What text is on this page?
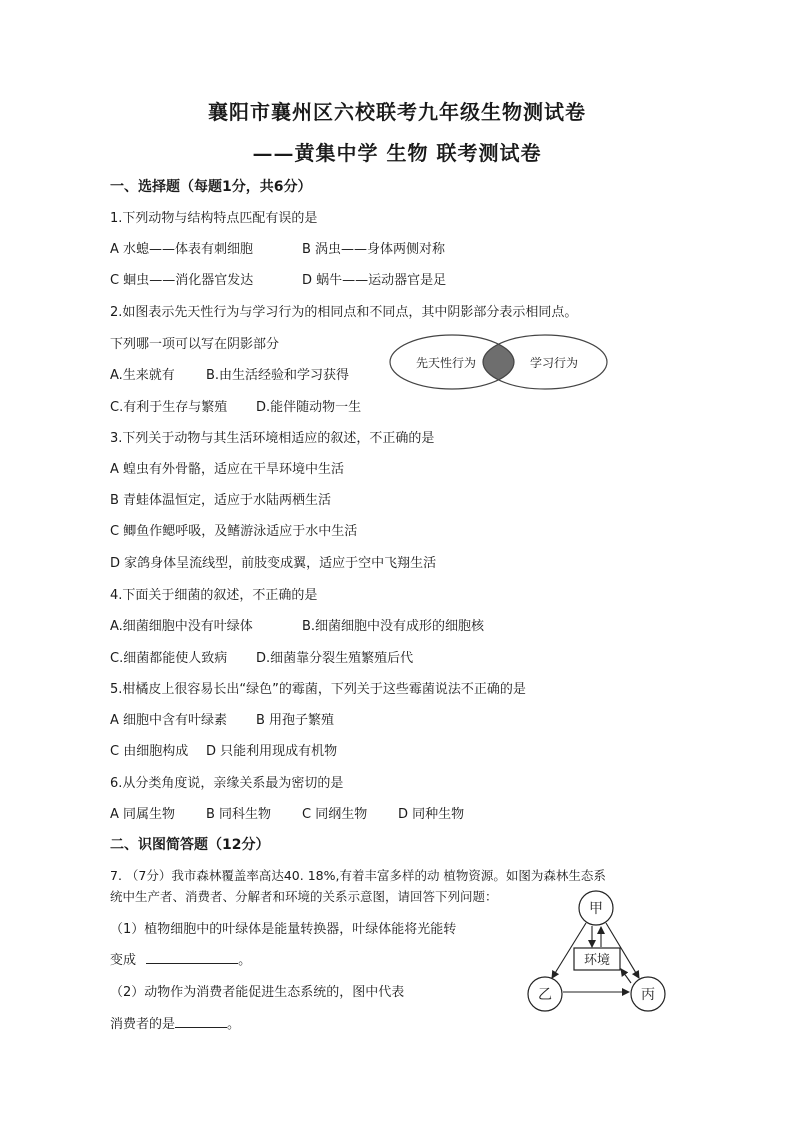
襄阳市襄州区六校联考九年级生物测试卷
——黄集中学 生物 联考测试卷
一、选择题（每题1分，共6分）
1.下列动物与结构特点匹配有误的是
A 水螅——体表有刺细胞	B 涡虫——身体两侧对称
C 蛔虫——消化器官发达	D 蜗牛——运动器官是足
2.如图表示先天性行为与学习行为的相同点和不同点，其中阴影部分表示相同点。
下列哪一项可以写在阴影部分
A.生来就有 B.由生活经验和学习获得
C.有利于生存与繁殖 D.能伴随动物一生
先天性行为	学习行为
3.下列关于动物与其生活环境相适应的叙述，不正确的是
A 蝗虫有外骨骼，适应在干旱环境中生活
B 青蛙体温恒定，适应于水陆两栖生活
C 鲫鱼作鳃呼吸，及鳍游泳适应于水中生活
D 家鸽身体呈流线型，前肢变成翼，适应于空中飞翔生活
4.下面关于细菌的叙述，不正确的是
A.细菌细胞中没有叶绿体	B.细菌细胞中没有成形的细胞核
C.细菌都能使人致病 D.细菌靠分裂生殖繁殖后代
5.柑橘皮上很容易长出“绿色”的霉菌，下列关于这些霉菌说法不正确的是
A 细胞中含有叶绿素 B 用孢子繁殖
C 由细胞构成 D 只能利用现成有机物
6.从分类角度说，亲缘关系最为密切的是
A 同属生物 B 同科生物 C 同纲生物 D 同种生物
二、识图简答题（12分）
7. （7分）我市森林覆盖率高达40. 18%,有着丰富多样的动 植物资源。如图为森林生态系
统中生产者、消费者、分解者和环境的关系示意图，请回答下列问题：
（1）植物细胞中的叶绿体是能量转换器，叶绿体能将光能转
变成	。
（2）动物作为消费者能促进生态系统的，图中代表
消费者的是	。
甲
环境
乙	丙
